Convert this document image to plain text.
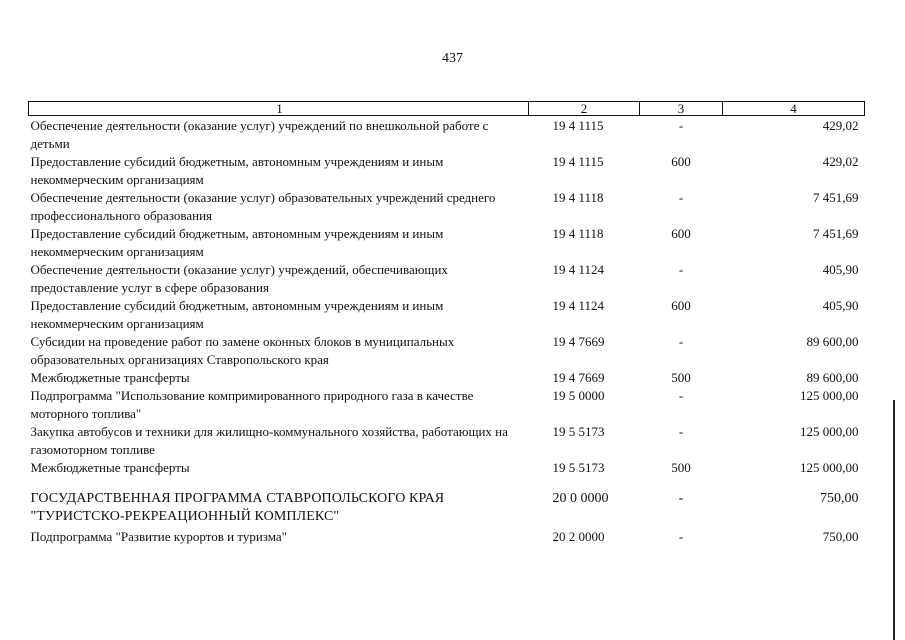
437
1	2	3	4
Обеспечение деятельности (оказание услуг) учреждений по внешкольной работе с детьми	19 4 1115	-	429,02
Предоставление субсидий бюджетным, автономным учреждениям и иным некоммерческим организациям	19 4 1115	600	429,02
Обеспечение деятельности (оказание услуг) образовательных учреждений среднего профессионального образования	19 4 1118	-	7 451,69
Предоставление субсидий бюджетным, автономным учреждениям и иным некоммерческим организациям	19 4 1118	600	7 451,69
Обеспечение деятельности (оказание услуг) учреждений, обеспечивающих предоставление услуг в сфере образования	19 4 1124	-	405,90
Предоставление субсидий бюджетным, автономным учреждениям и иным некоммерческим организациям	19 4 1124	600	405,90
Субсидии на проведение работ по замене оконных блоков в муниципальных образовательных организациях Ставропольского края	19 4 7669	-	89 600,00
Межбюджетные трансферты	19 4 7669	500	89 600,00
Подпрограмма "Использование компримированного природного газа в качестве моторного топлива"	19 5 0000	-	125 000,00
Закупка автобусов и техники для жилищно-коммунального хозяйства, работающих на газомоторном топливе	19 5 5173	-	125 000,00
Межбюджетные трансферты	19 5 5173	500	125 000,00
ГОСУДАРСТВЕННАЯ ПРОГРАММА СТАВРОПОЛЬСКОГО КРАЯ "ТУРИСТСКО-РЕКРЕАЦИОННЫЙ КОМПЛЕКС"	20 0 0000	-	750,00
Подпрограмма "Развитие курортов и туризма"	20 2 0000	-	750,00
